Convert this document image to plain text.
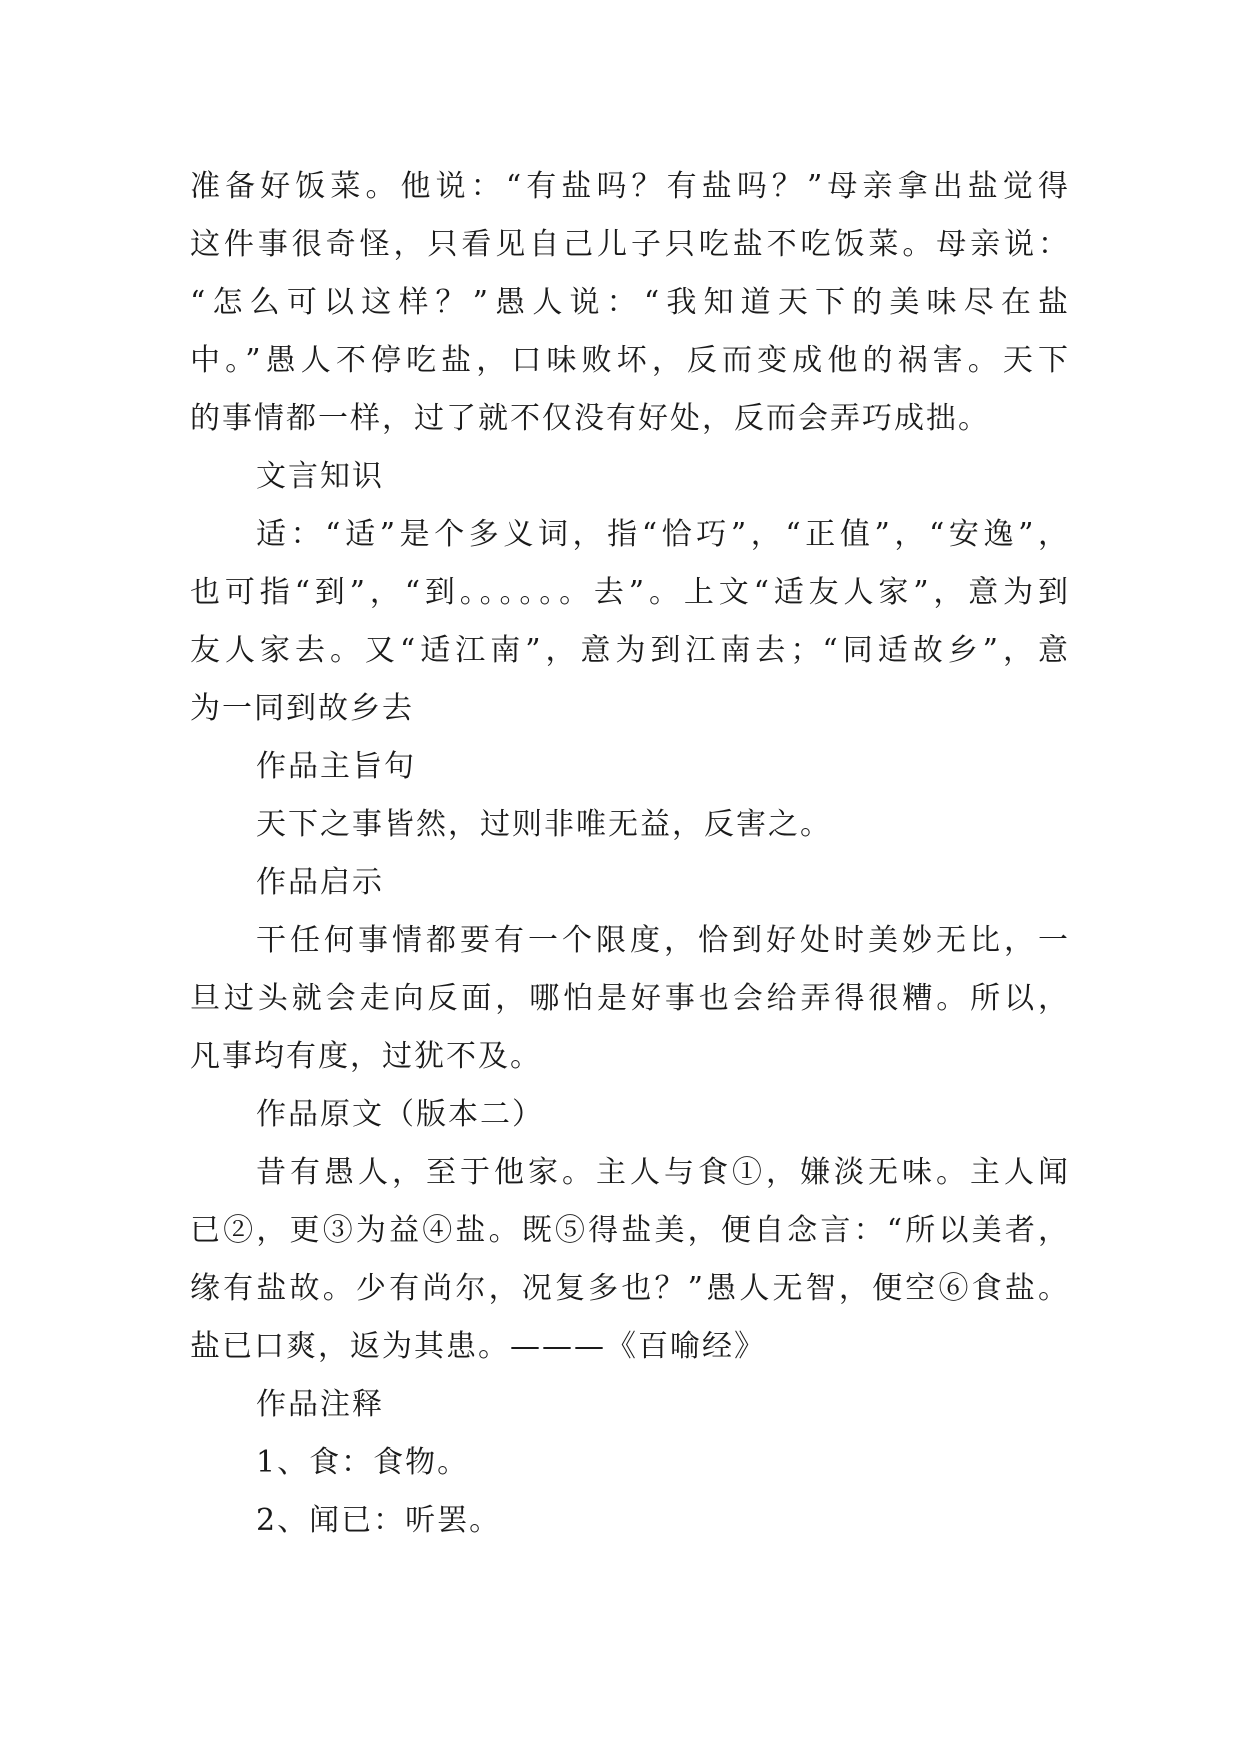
准备好饭菜。他说：“有盐吗？有盐吗？”母亲拿出盐觉得
这件事很奇怪，只看见自己儿子只吃盐不吃饭菜。母亲说：
“怎么可以这样？”愚人说：“我知道天下的美味尽在盐
中。”愚人不停吃盐，口味败坏，反而变成他的祸害。天下
的事情都一样，过了就不仅没有好处，反而会弄巧成拙。
文言知识
适：“适”是个多义词，指“恰巧”，“正值”，“安逸”，
也可指“到”，“到。。。。。。去”。上文“适友人家”，意为到
友人家去。又“适江南”，意为到江南去；“同适故乡”，意
为一同到故乡去
作品主旨句
天下之事皆然，过则非唯无益，反害之。
作品启示
干任何事情都要有一个限度，恰到好处时美妙无比，一
旦过头就会走向反面，哪怕是好事也会给弄得很糟。所以，
凡事均有度，过犹不及。
作品原文（版本二）
昔有愚人，至于他家。主人与食①，嫌淡无味。主人闻
已②，更③为益④盐。既⑤得盐美，便自念言：“所以美者，
缘有盐故。少有尚尔，况复多也？”愚人无智，便空⑥食盐。
盐已口爽，返为其患。———《百喻经》
作品注释
1、食：食物。
2、闻已：听罢。
